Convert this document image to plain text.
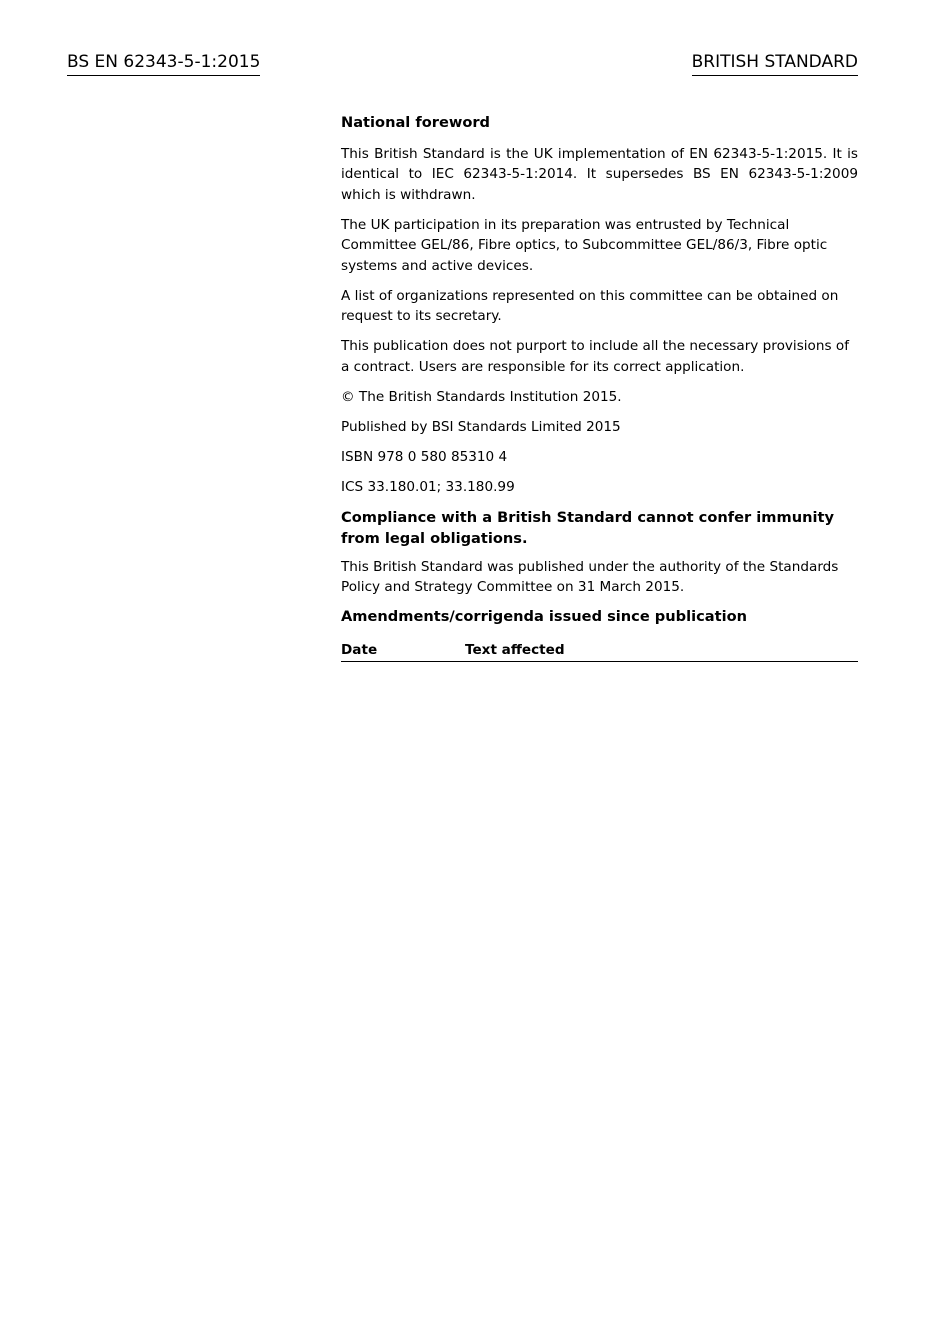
BS EN 62343-5-1:2015	BRITISH STANDARD

National foreword

This British Standard is the UK implementation of EN 62343-5-1:2015. It is identical to IEC 62343-5-1:2014. It supersedes BS EN 62343-5-1:2009 which is withdrawn.

The UK participation in its preparation was entrusted by Technical Committee GEL/86, Fibre optics, to Subcommittee GEL/86/3, Fibre optic systems and active devices.

A list of organizations represented on this committee can be obtained on request to its secretary.

This publication does not purport to include all the necessary provisions of a contract. Users are responsible for its correct application.

© The British Standards Institution 2015.

Published by BSI Standards Limited 2015

ISBN 978 0 580 85310 4

ICS 33.180.01; 33.180.99

Compliance with a British Standard cannot confer immunity from legal obligations.

This British Standard was published under the authority of the Standards Policy and Strategy Committee on 31 March 2015.

Amendments/corrigenda issued since publication

Date	Text affected
